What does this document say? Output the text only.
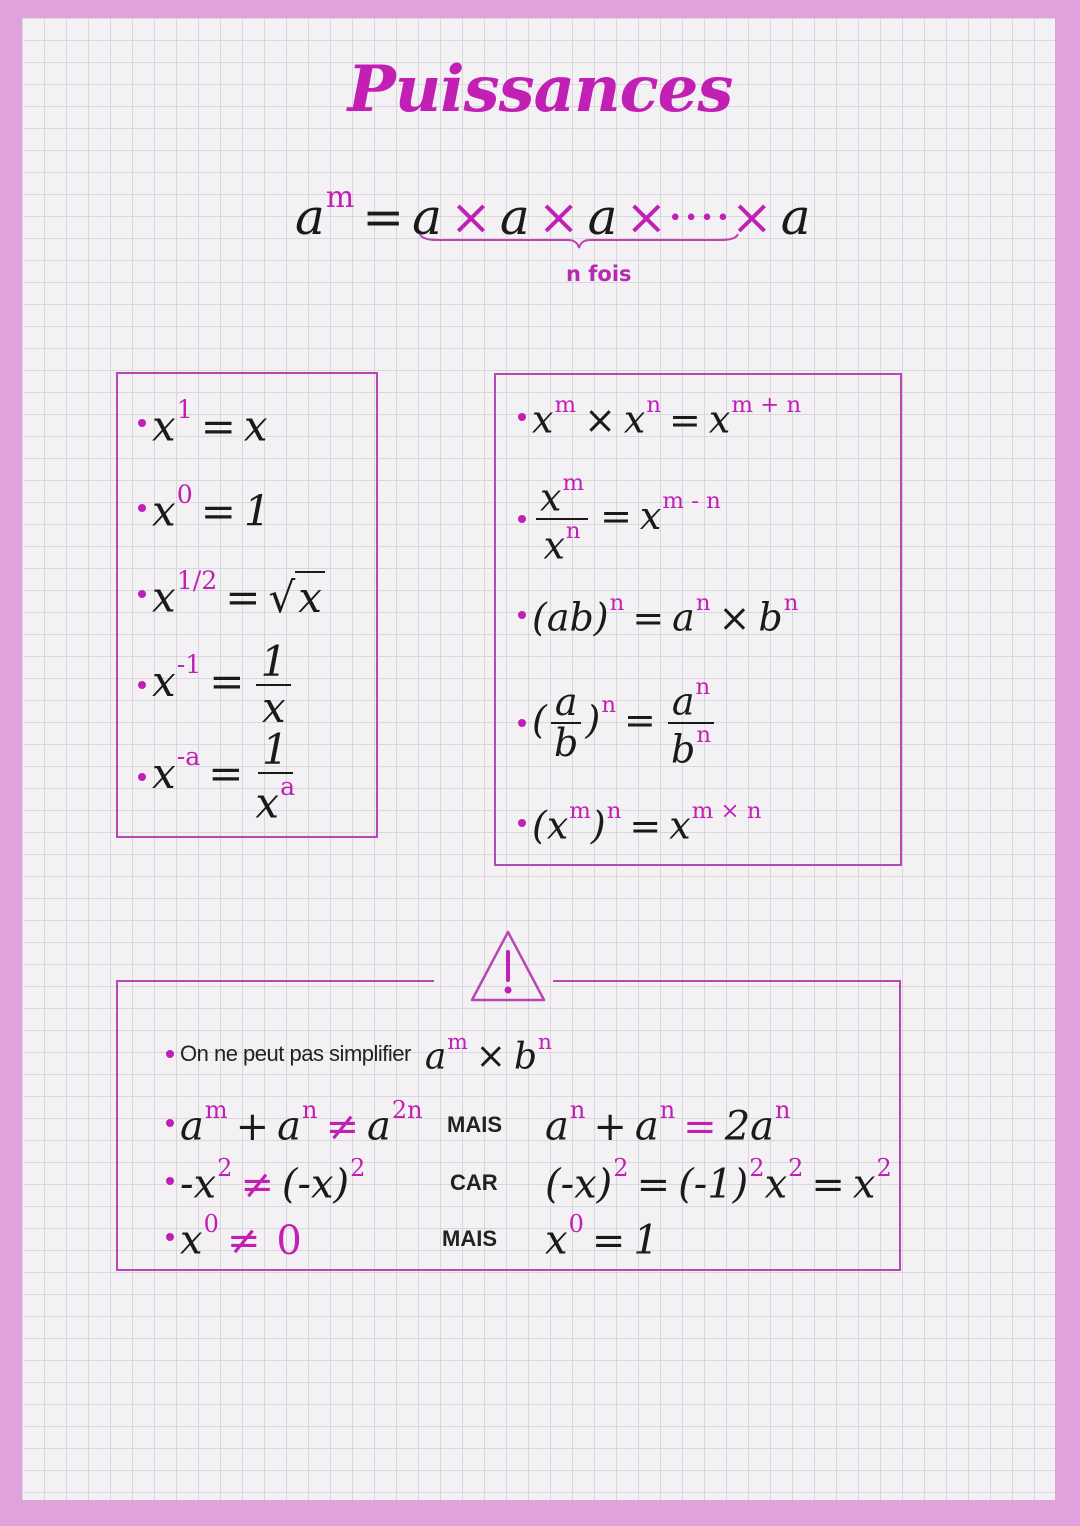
Puissances
$a^m = a \times a \times a$ ×····× a
n fois
$x^1 = x$
$x^0 = 1$
$x^{1/2} = √x$
$x^{-1} = \frac{1}{x}$
$x^{-a} = \frac{1}{x^a}$
$x^m \times x^n = x^{m + n}$
$\frac{x^m}{x^n} = x^{m - n}$
$(ab)^n = a^n \times b^n$
( $\frac{a}{b} )^n = \frac{a^n}{b^n}$
$(x^m)^n = x^{m \times n}$
On ne peut pas simplifier $a^m \times b^n$
$a^m + a^n \ne a^{2n}$
MAIS $a^n + a^n = 2a^n$
$-x^2 \ne (-x)^2$
CAR $(-x)^2 = (-1)^2x^2 = x^2$
$x^0 \ne 0$	MAIS $x^0 = 1$
